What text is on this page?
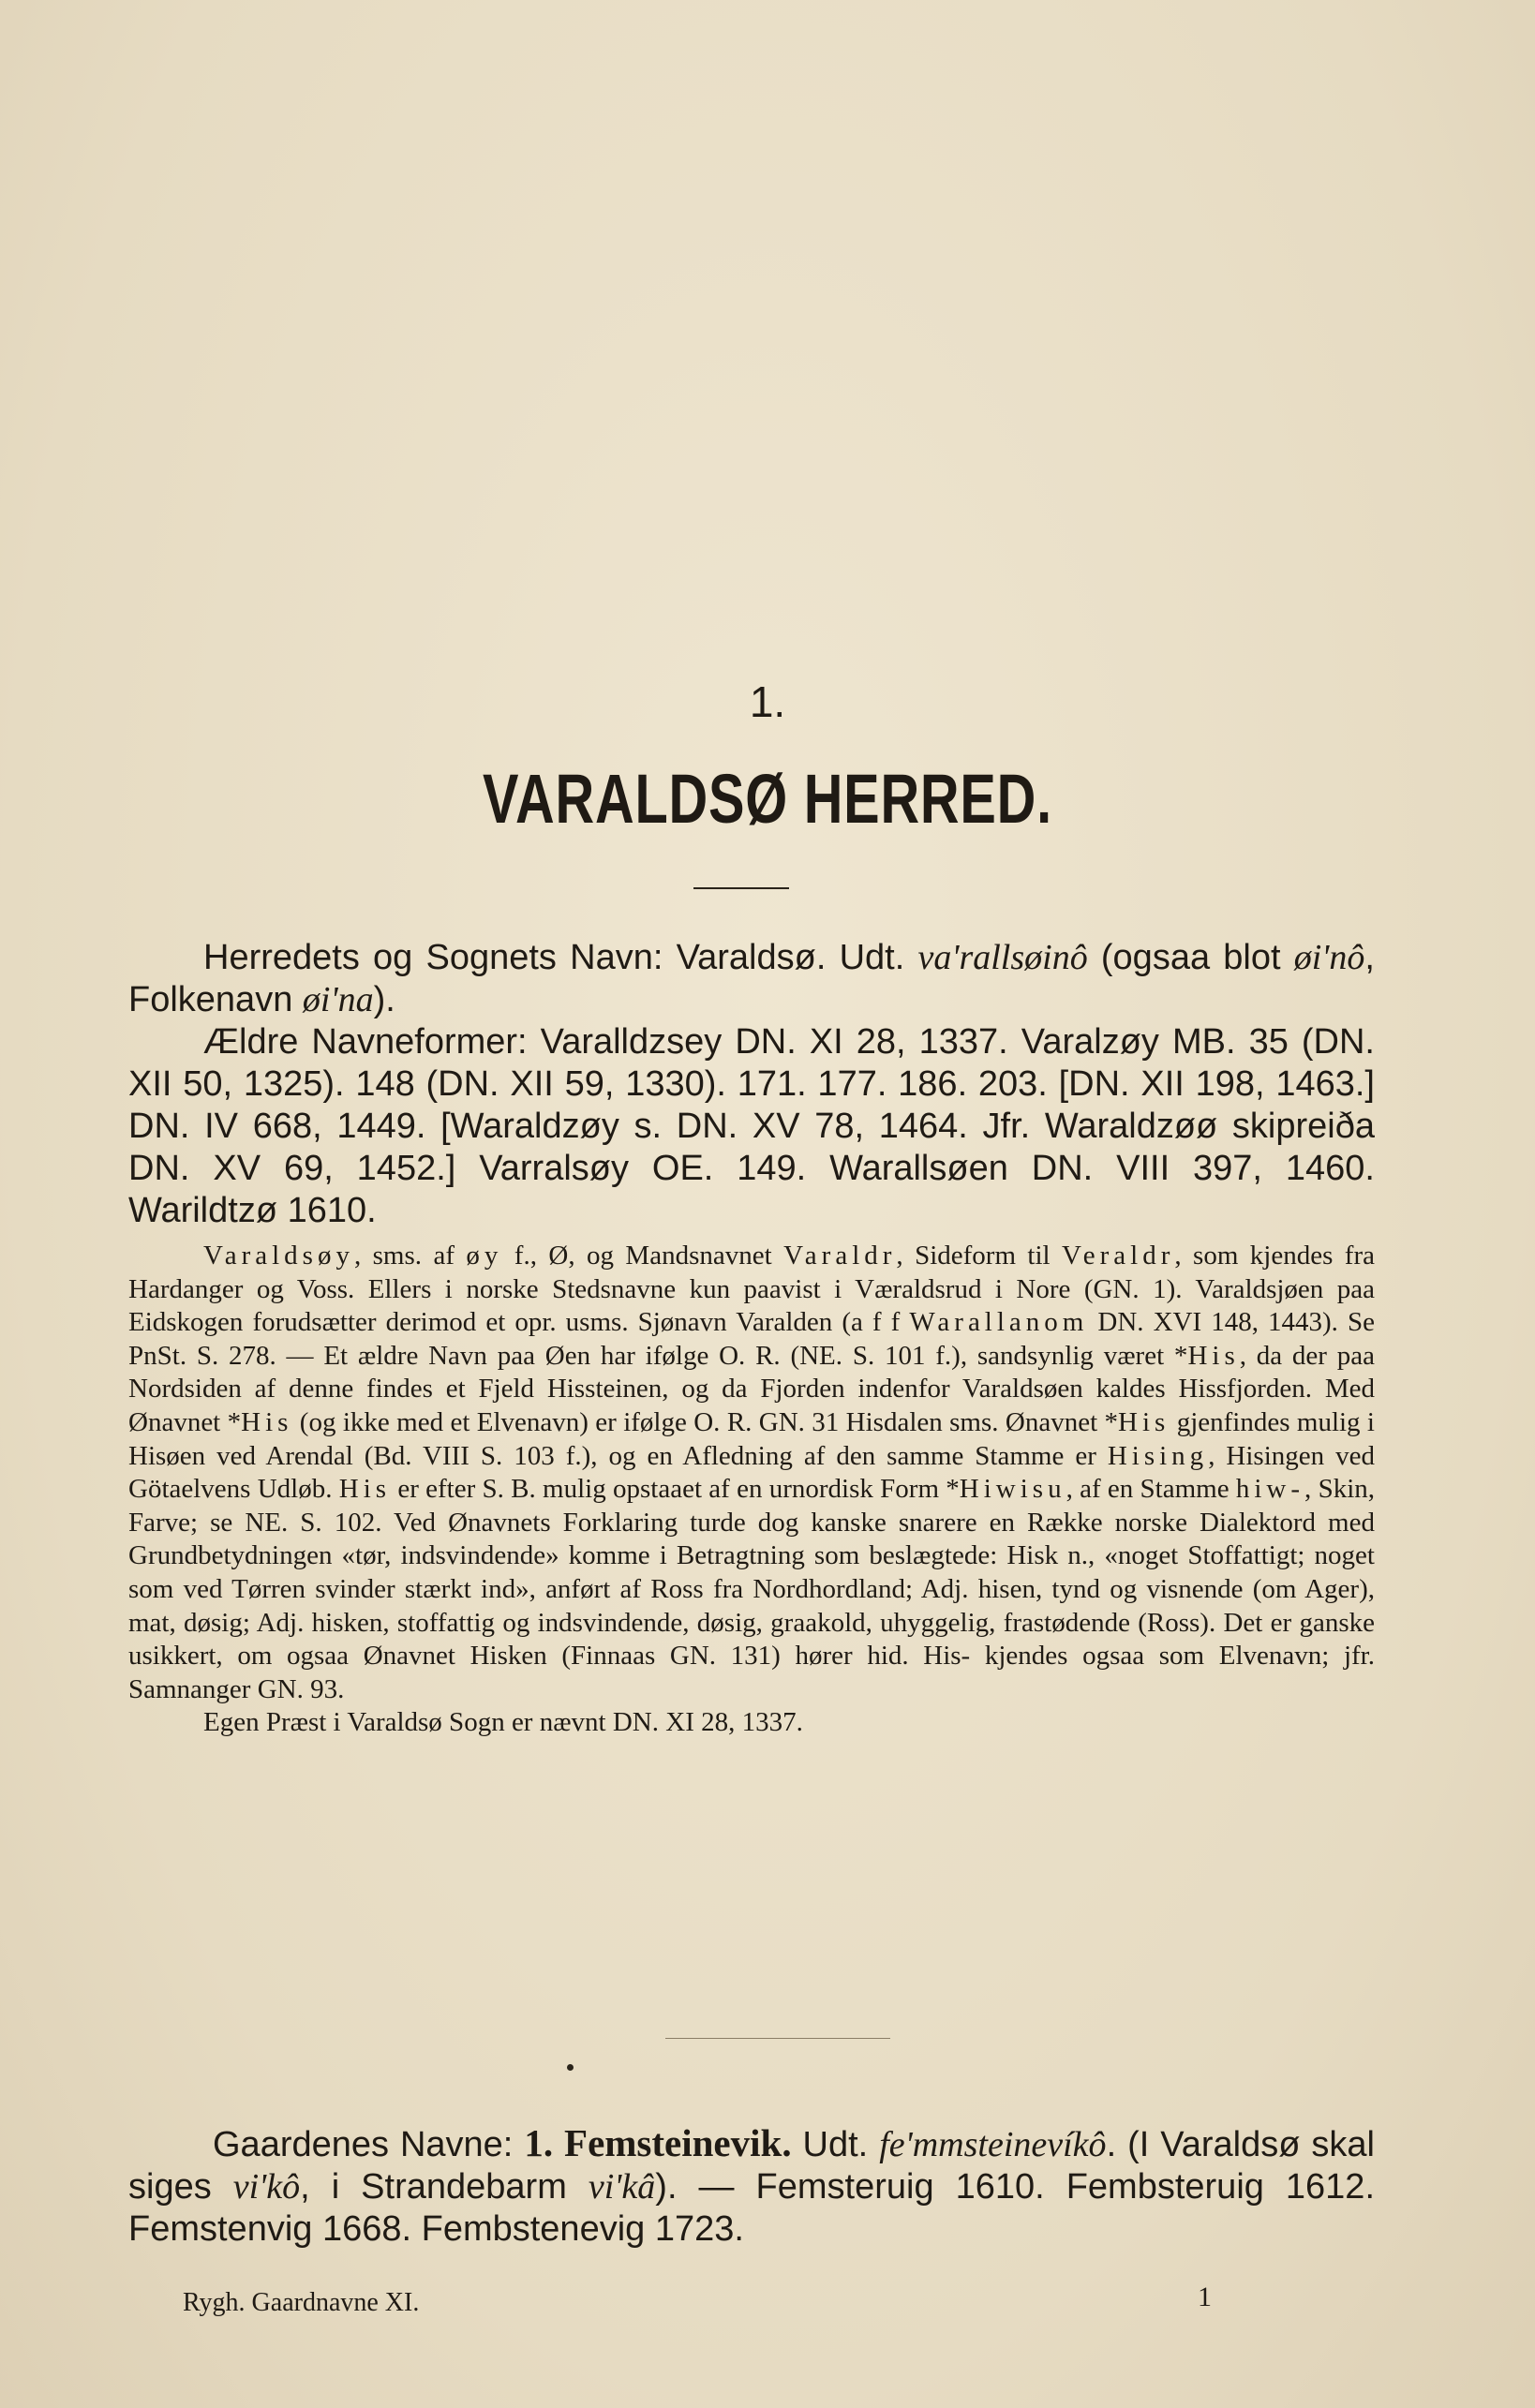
1.
VARALDSØ HERRED.

Herredets og Sognets Navn: Varaldsø. Udt. va'rallsøinô (ogsaa blot øi'nô, Folkenavn øi'na).

Ældre Navneformer: Varalldzsey DN. XI 28, 1337. Varalzøy MB. 35 (DN. XII 50, 1325). 148 (DN. XII 59, 1330). 171. 177. 186. 203. [DN. XII 198, 1463.] DN. IV 668, 1449. [Waraldzøy s. DN. XV 78, 1464. Jfr. Waraldzøø skipreiða DN. XV 69, 1452.] Varralsøy OE. 149. Warallsøen DN. VIII 397, 1460. Warildtzø 1610.

Varaldsøy, sms. af øy f., Ø, og Mandsnavnet Varaldr, Sideform til Veraldr, som kjendes fra Hardanger og Voss. Ellers i norske Stedsnavne kun paavist i Væraldsrud i Nore (GN. 1). Varaldsjøen paa Eidskogen forudsætter derimod et opr. usms. Sjønavn Varalden (a f f Warallanom DN. XVI 148, 1443). Se PnSt. S. 278. — Et ældre Navn paa Øen har ifølge O. R. (NE. S. 101 f.), sandsynlig været *His, da der paa Nordsiden af denne findes et Fjeld Hissteinen, og da Fjorden indenfor Varaldsøen kaldes Hissfjorden. Med Ønavnet *His (og ikke med et Elvenavn) er ifølge O. R. GN. 31 Hisdalen sms. Ønavnet *His gjenfindes mulig i Hisøen ved Arendal (Bd. VIII S. 103 f.), og en Afledning af den samme Stamme er Hising, Hisingen ved Götaelvens Udløb. His er efter S. B. mulig opstaaet af en urnordisk Form *Hiwisu, af en Stamme hiw-, Skin, Farve; se NE. S. 102. Ved Ønavnets Forklaring turde dog kanske snarere en Række norske Dialektord med Grundbetydningen «tør, indsvindende» komme i Betragtning som beslægtede: Hisk n., «noget Stoffattigt; noget som ved Tørren svinder stærkt ind», anført af Ross fra Nordhordland; Adj. hisen, tynd og visnende (om Ager), mat, døsig; Adj. hisken, stoffattig og indsvindende, døsig, graakold, uhyggelig, frastødende (Ross). Det er ganske usikkert, om ogsaa Ønavnet Hisken (Finnaas GN. 131) hører hid. His- kjendes ogsaa som Elvenavn; jfr. Samnanger GN. 93.

Egen Præst i Varaldsø Sogn er nævnt DN. XI 28, 1337.

Gaardenes Navne: 1. Femsteinevik. Udt. fe'mmsteinevíkô. (I Varaldsø skal siges vi'kô, i Strandebarm vi'kâ). — Femsteruig 1610. Fembsteruig 1612. Femstenvig 1668. Fembstenevig 1723.

Rygh. Gaardnavne XI.	1
